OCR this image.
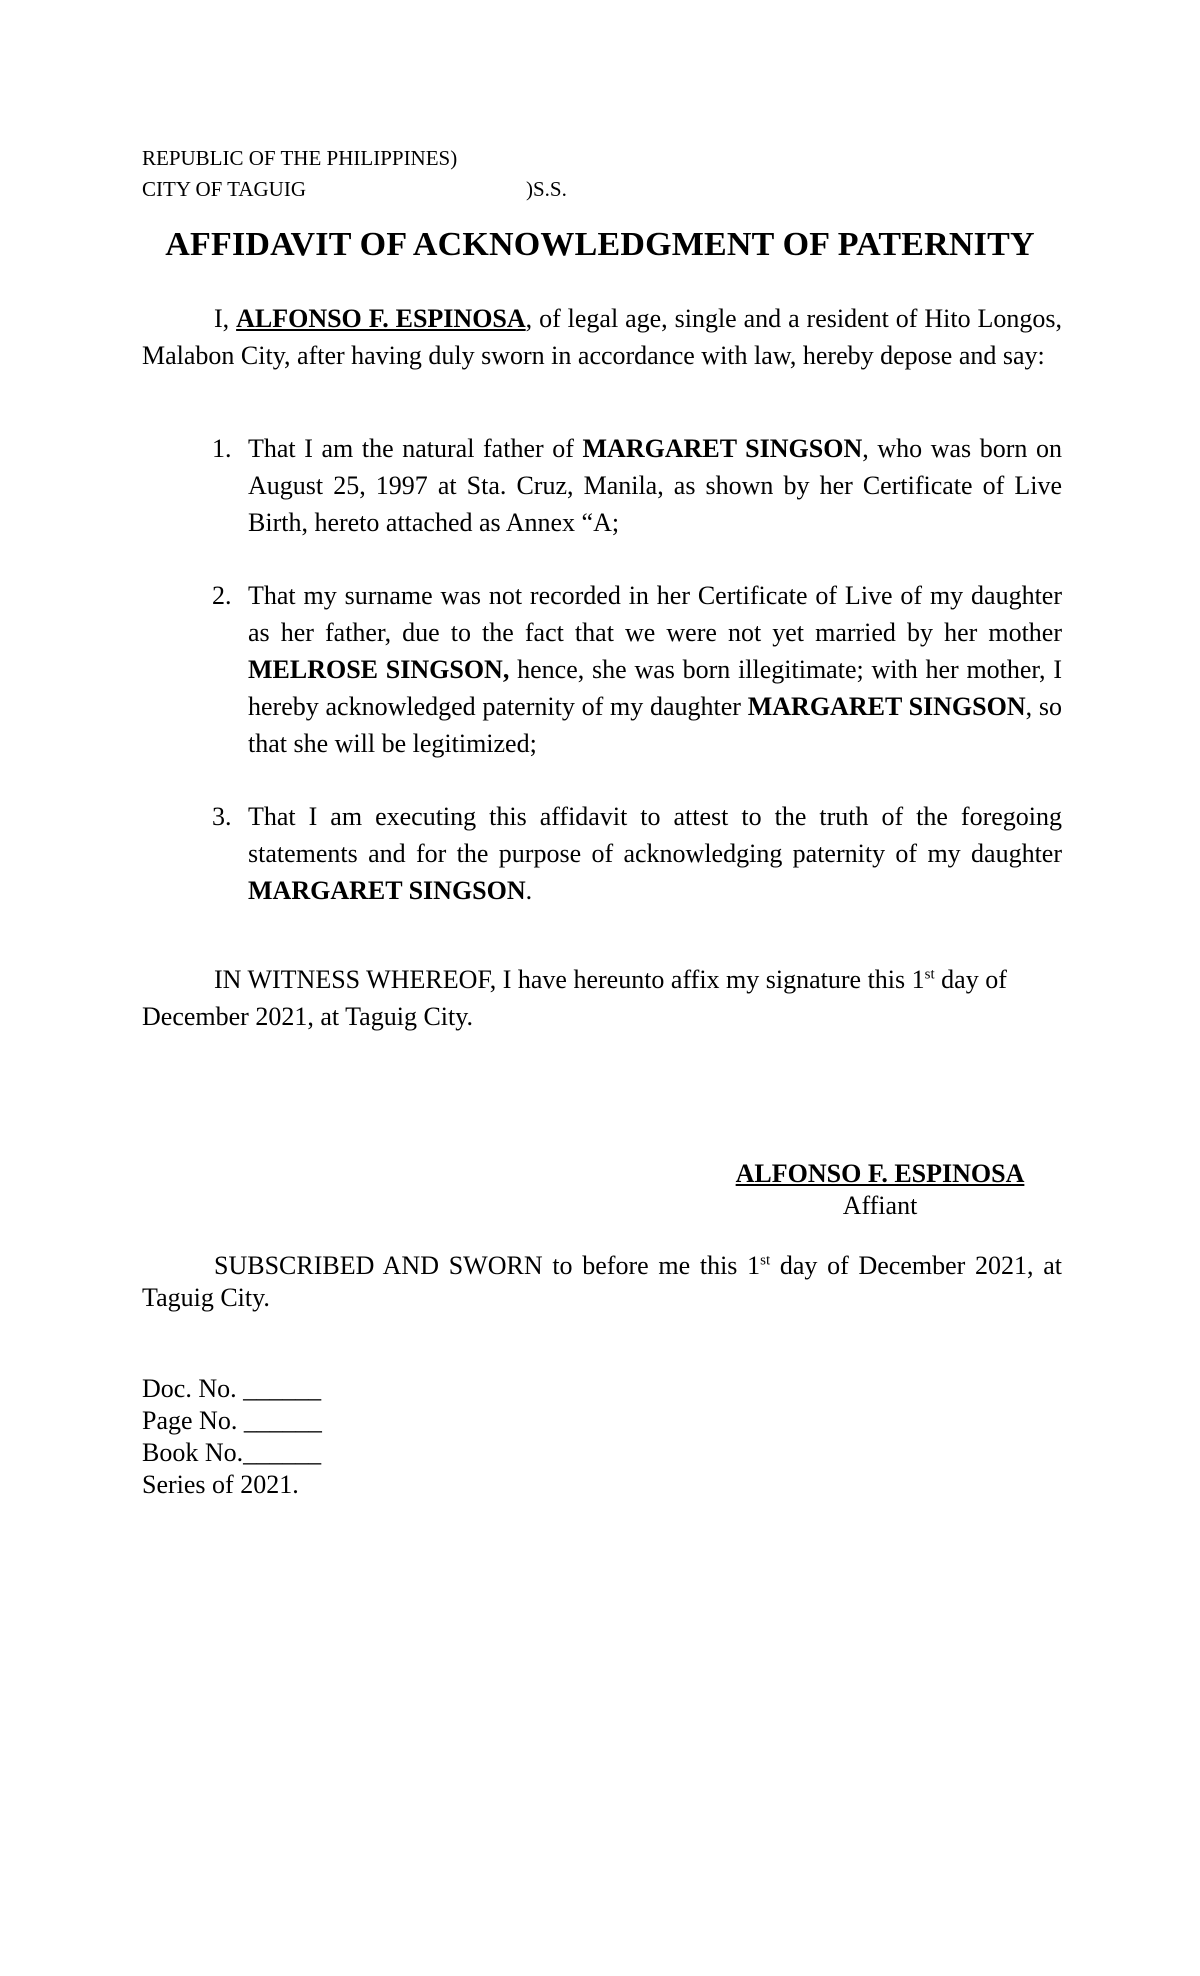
REPUBLIC OF THE PHILIPPINES)
CITY OF TAGUIG	)S.S.
AFFIDAVIT OF ACKNOWLEDGMENT OF PATERNITY

I, ALFONSO F. ESPINOSA, of legal age, single and a resident of Hito Longos, Malabon City, after having duly sworn in accordance with law, hereby depose and say:

1. That I am the natural father of MARGARET SINGSON, who was born on August 25, 1997 at Sta. Cruz, Manila, as shown by her Certificate of Live Birth, hereto attached as Annex “A;
2. That my surname was not recorded in her Certificate of Live of my daughter as her father, due to the fact that we were not yet married by her mother MELROSE SINGSON, hence, she was born illegitimate; with her mother, I hereby acknowledged paternity of my daughter MARGARET SINGSON, so that she will be legitimized;
3. That I am executing this affidavit to attest to the truth of the foregoing statements and for the purpose of acknowledging paternity of my daughter MARGARET SINGSON.

IN WITNESS WHEREOF, I have hereunto affix my signature this 1st day of December 2021, at Taguig City.

ALFONSO F. ESPINOSA
Affiant

SUBSCRIBED AND SWORN to before me this 1st day of December 2021, at Taguig City.

Doc. No. ______
Page No. ______
Book No.______
Series of 2021.
